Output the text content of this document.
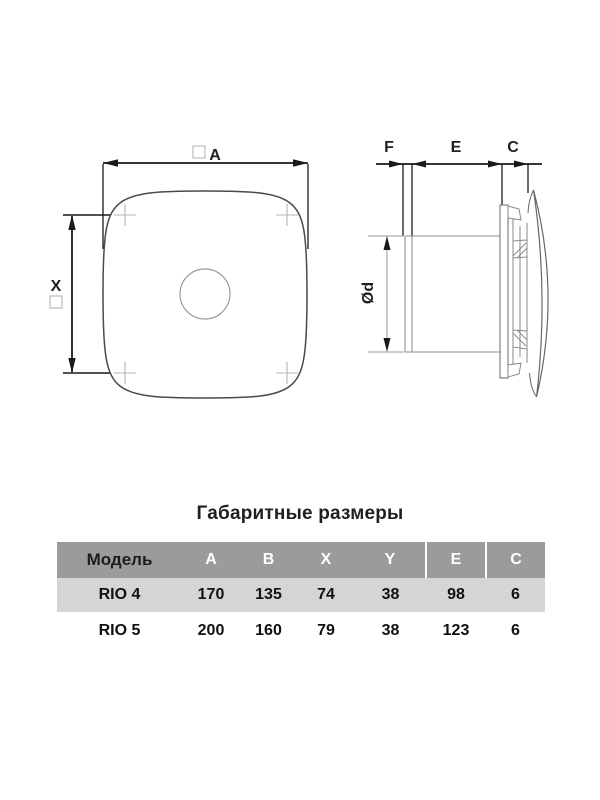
A
X
F	E	C
Ød
Габаритные размеры
Модель	A	B	X	Y	E	C
RIO 4	170	135	74	38	98	6
RIO 5	200	160	79	38	123	6
